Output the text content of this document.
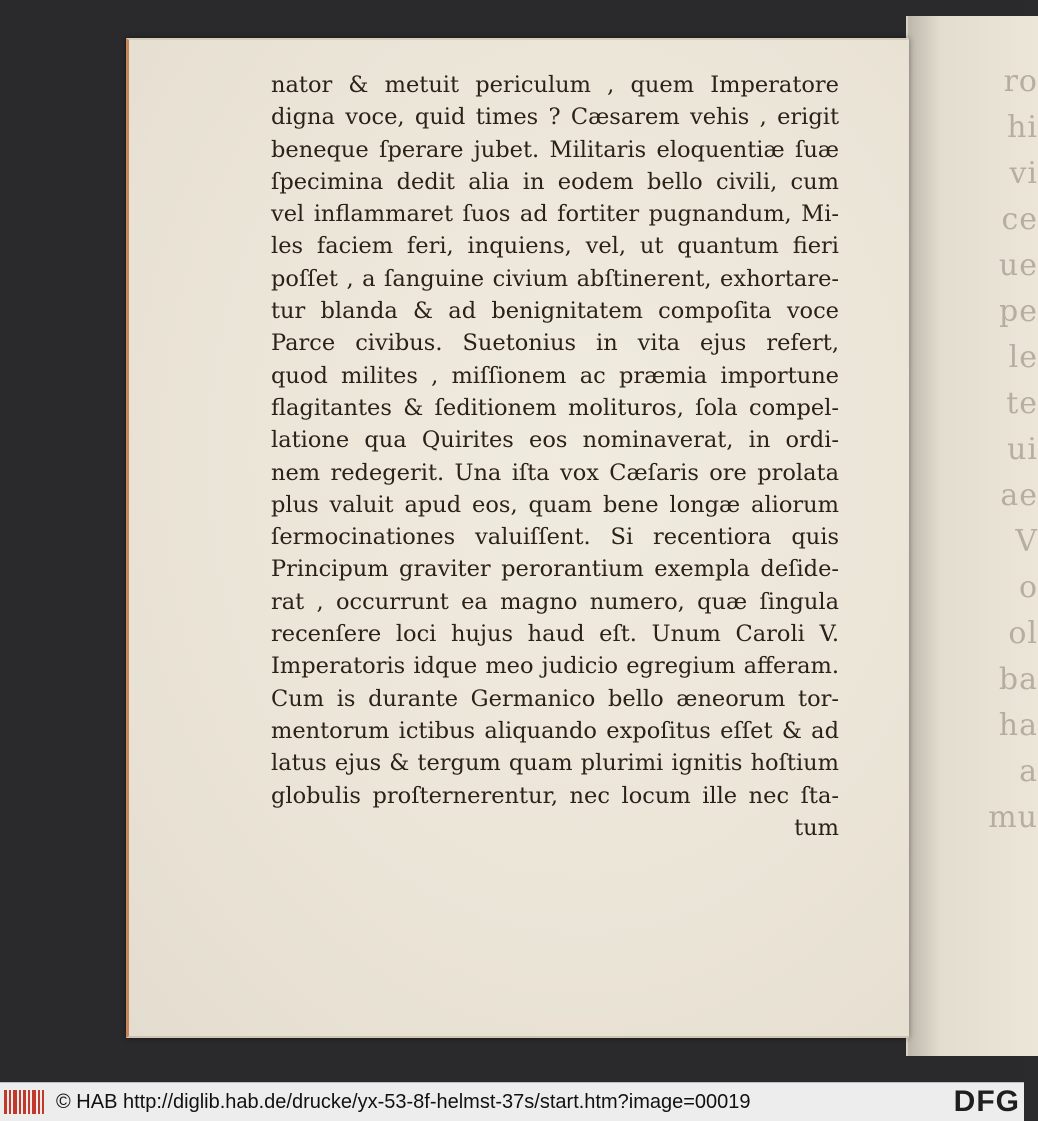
ro
hi
vi
ce
ue
pe
le
te
ui
ae
V
o
ol
ba
ha
a
mu
nator & metuit periculum , quem Imperatore
digna voce, quid times ? Cæsarem vehis , erigit
beneque ſperare jubet. Militaris eloquentiæ ſuæ
ſpecimina dedit alia in eodem bello civili, cum
vel inflammaret ſuos ad fortiter pugnandum, Mi-
les faciem feri, inquiens, vel, ut quantum fieri
poſſet , a ſanguine civium abſtinerent, exhortare-
tur blanda & ad benignitatem compoſita voce
Parce civibus. Suetonius in vita ejus refert,
quod milites , miſſionem ac præmia importune
flagitantes & ſeditionem molituros, ſola compel-
latione qua Quirites eos nominaverat, in ordi-
nem redegerit. Una iſta vox Cæſaris ore prolata
plus valuit apud eos, quam bene longæ aliorum
ſermocinationes valuiſſent. Si recentiora quis
Principum graviter perorantium exempla deſide-
rat , occurrunt ea magno numero, quæ ſingula
recenſere loci hujus haud eſt. Unum Caroli V.
Imperatoris idque meo judicio egregium afferam.
Cum is durante Germanico bello æneorum tor-
mentorum ictibus aliquando expoſitus eſſet & ad
latus ejus & tergum quam plurimi ignitis hoſtium
globulis proſternerentur, nec locum ille nec ſta-
tum
© HAB http://diglib.hab.de/drucke/yx-53-8f-helmst-37s/start.htm?image=00019	DFG
